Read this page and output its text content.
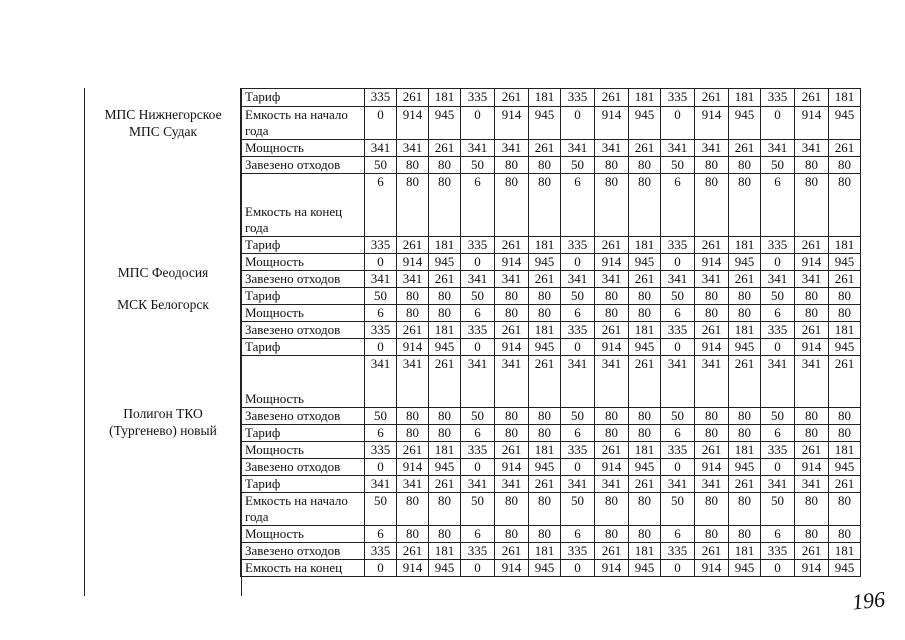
МПС Нижнегорское
МПС Судак
МПС Феодосия
МСК Белогорск
Полигон ТКО
(Тургенево) новый
Тариф	335	261	181	335	261	181	335	261	181	335	261	181	335	261	181
Емкость на начало года	0	914	945	0	914	945	0	914	945	0	914	945	0	914	945
Мощность	341	341	261	341	341	261	341	341	261	341	341	261	341	341	261
Завезено отходов	50	80	80	50	80	80	50	80	80	50	80	80	50	80	80
Емкость на конец года	6	80	80	6	80	80	6	80	80	6	80	80	6	80	80
Тариф	335	261	181	335	261	181	335	261	181	335	261	181	335	261	181
Мощность	0	914	945	0	914	945	0	914	945	0	914	945	0	914	945
Завезено отходов	341	341	261	341	341	261	341	341	261	341	341	261	341	341	261
Тариф	50	80	80	50	80	80	50	80	80	50	80	80	50	80	80
Мощность	6	80	80	6	80	80	6	80	80	6	80	80	6	80	80
Завезено отходов	335	261	181	335	261	181	335	261	181	335	261	181	335	261	181
Тариф	0	914	945	0	914	945	0	914	945	0	914	945	0	914	945
Мощность	341	341	261	341	341	261	341	341	261	341	341	261	341	341	261
Завезено отходов	50	80	80	50	80	80	50	80	80	50	80	80	50	80	80
Тариф	6	80	80	6	80	80	6	80	80	6	80	80	6	80	80
Мощность	335	261	181	335	261	181	335	261	181	335	261	181	335	261	181
Завезено отходов	0	914	945	0	914	945	0	914	945	0	914	945	0	914	945
Тариф	341	341	261	341	341	261	341	341	261	341	341	261	341	341	261
Емкость на начало года	50	80	80	50	80	80	50	80	80	50	80	80	50	80	80
Мощность	6	80	80	6	80	80	6	80	80	6	80	80	6	80	80
Завезено отходов	335	261	181	335	261	181	335	261	181	335	261	181	335	261	181
Емкость на конец	0	914	945	0	914	945	0	914	945	0	914	945	0	914	945
196
